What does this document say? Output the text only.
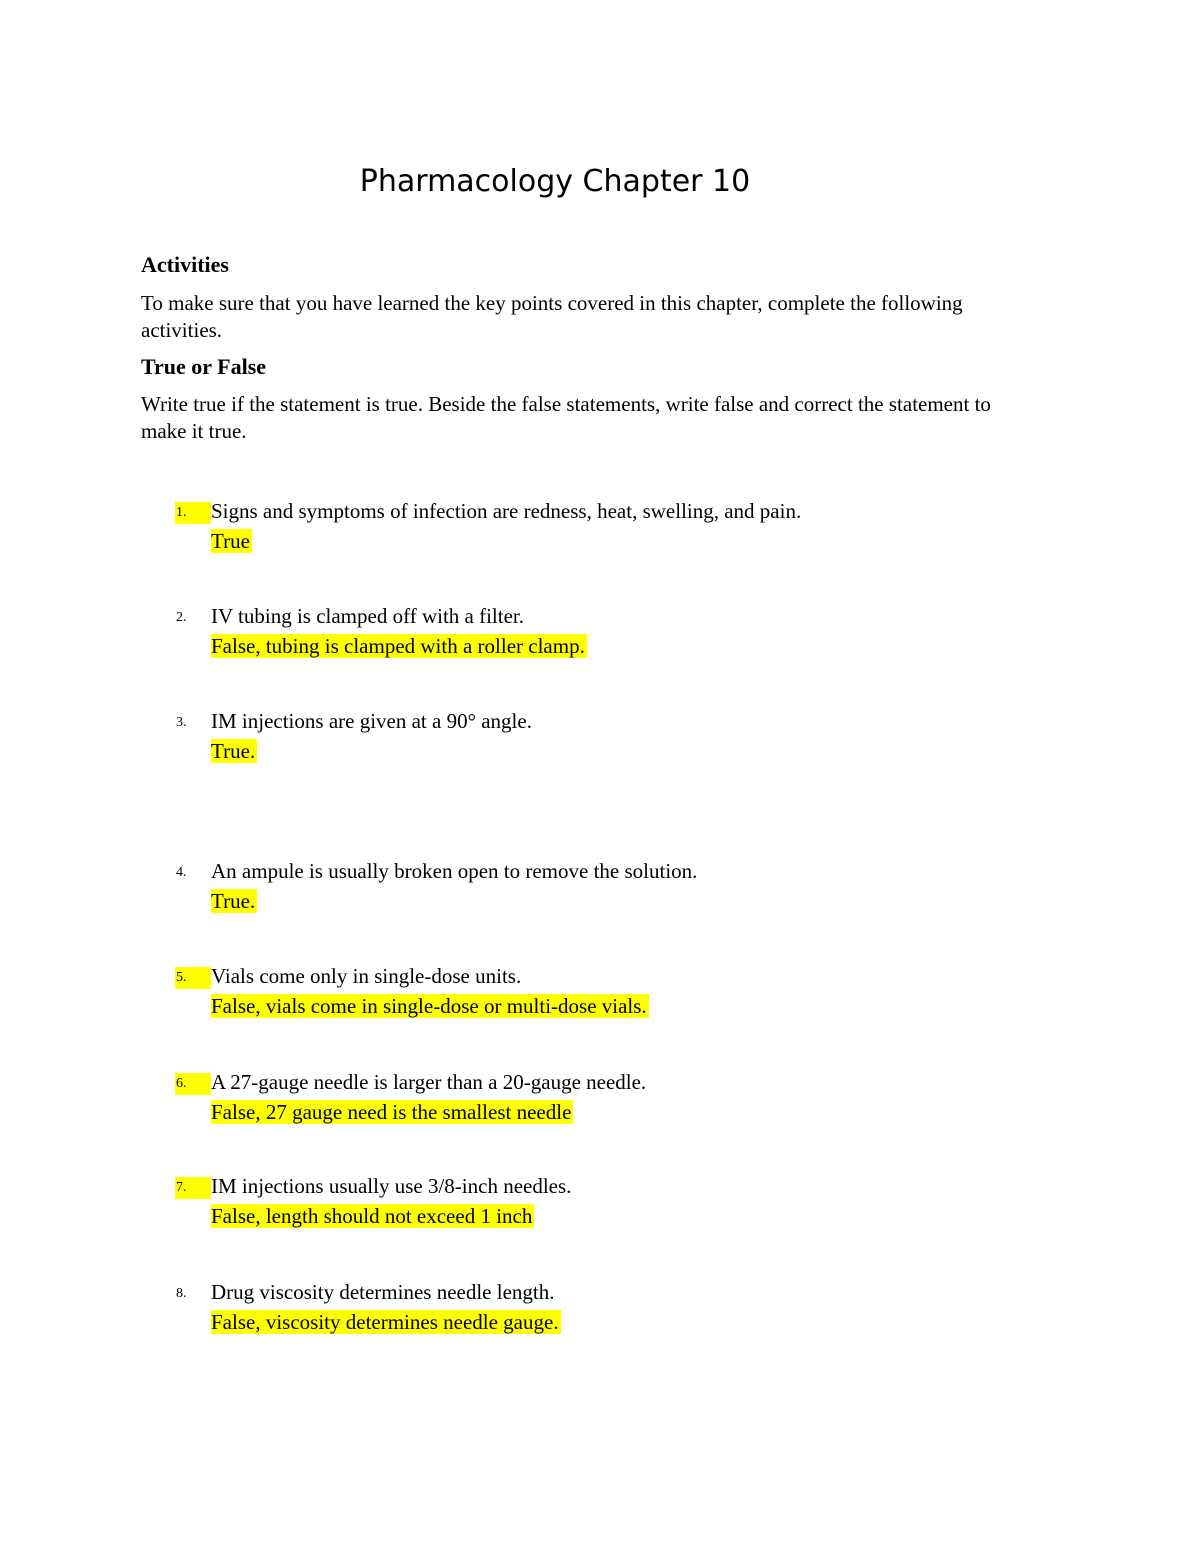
Pharmacology Chapter 10
Activities
To make sure that you have learned the key points covered in this chapter, complete the following activities.
True or False
Write true if the statement is true. Beside the false statements, write false and correct the statement to make it true.
1.	Signs and symptoms of infection are redness, heat, swelling, and pain.
True
2.	IV tubing is clamped off with a filter.
False, tubing is clamped with a roller clamp.
3.	IM injections are given at a 90° angle.
True.
4.	An ampule is usually broken open to remove the solution.
True.
5.	Vials come only in single-dose units.
False, vials come in single-dose or multi-dose vials.
6.	A 27-gauge needle is larger than a 20-gauge needle.
False, 27 gauge need is the smallest needle
7.	IM injections usually use 3/8-inch needles.
False, length should not exceed 1 inch
8.	Drug viscosity determines needle length.
False, viscosity determines needle gauge.
